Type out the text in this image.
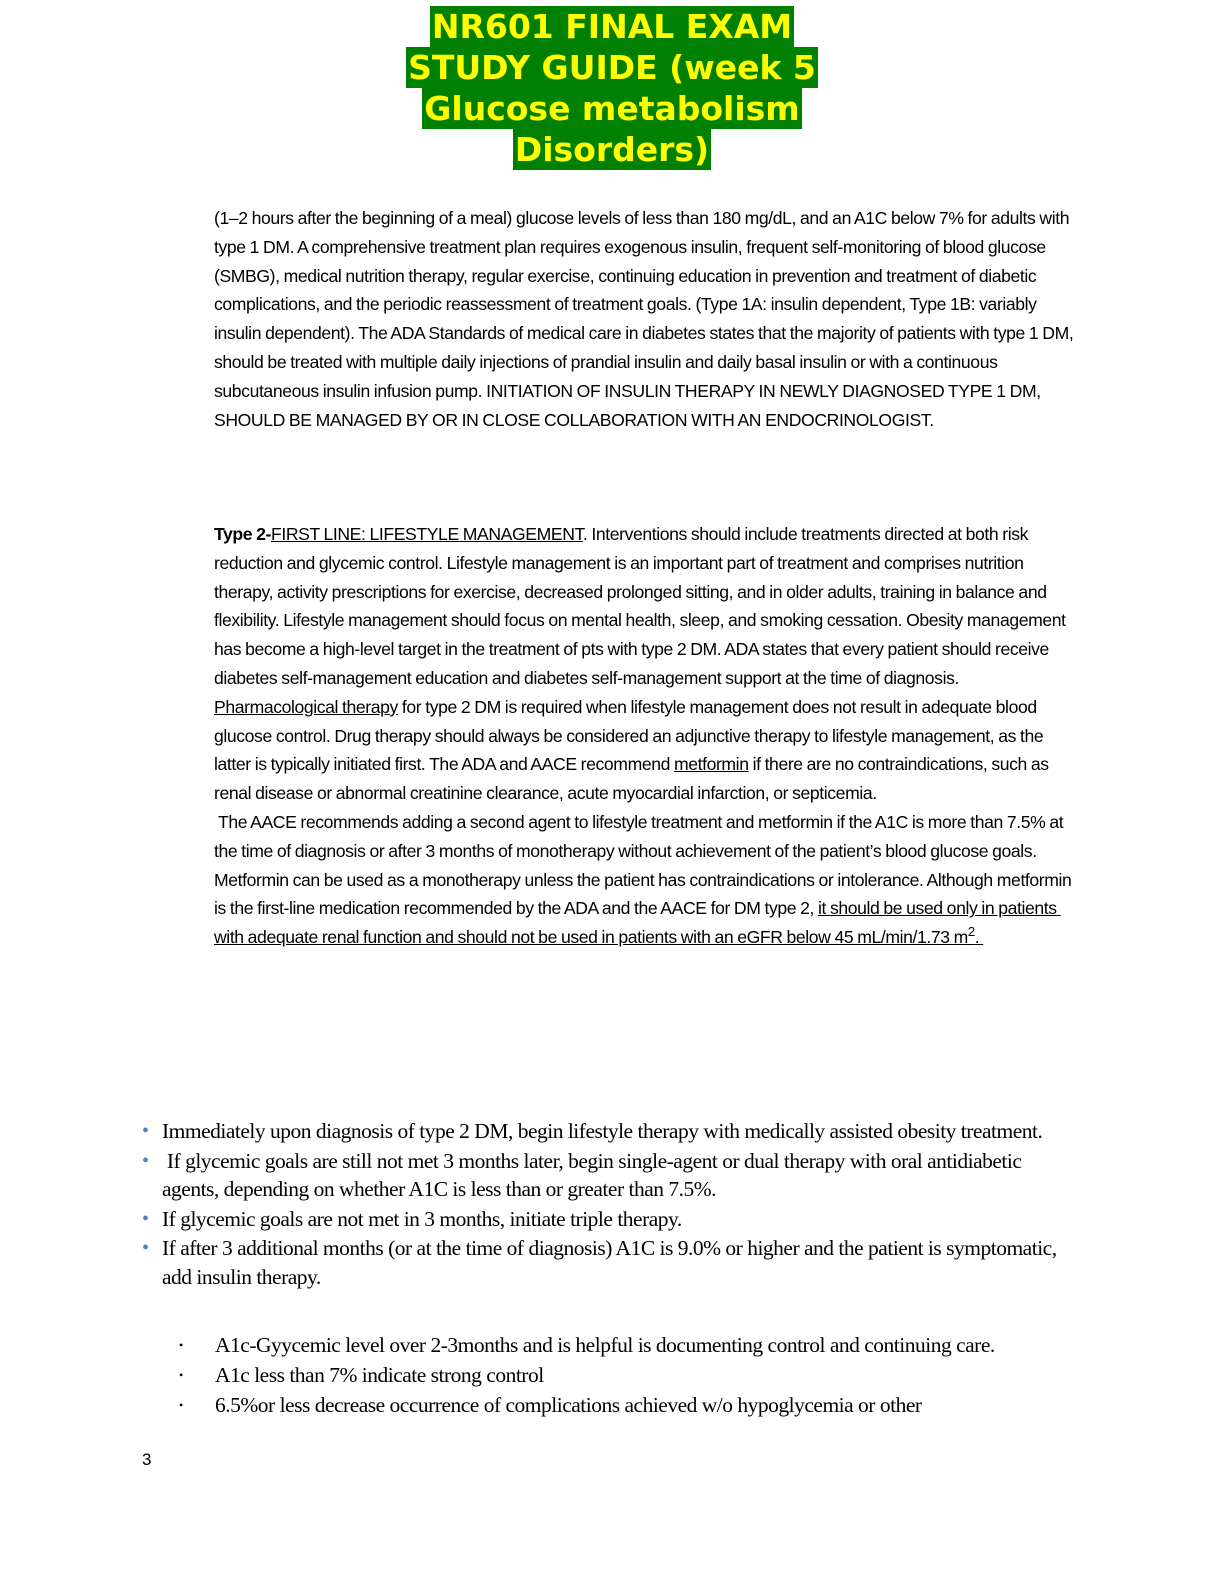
NR601 FINAL EXAM
STUDY GUIDE (week 5
Glucose metabolism
Disorders)
(1–2 hours after the beginning of a meal) glucose levels of less than 180 mg/dL, and an A1C below 7% for adults with type 1 DM. A comprehensive treatment plan requires exogenous insulin, frequent self-monitoring of blood glucose (SMBG), medical nutrition therapy, regular exercise, continuing education in prevention and treatment of diabetic complications, and the periodic reassessment of treatment goals. (Type 1A: insulin dependent, Type 1B: variably insulin dependent). The ADA Standards of medical care in diabetes states that the majority of patients with type 1 DM, should be treated with multiple daily injections of prandial insulin and daily basal insulin or with a continuous subcutaneous insulin infusion pump. INITIATION OF INSULIN THERAPY IN NEWLY DIAGNOSED TYPE 1 DM, SHOULD BE MANAGED BY OR IN CLOSE COLLABORATION WITH AN ENDOCRINOLOGIST.
Type 2-FIRST LINE: LIFESTYLE MANAGEMENT. Interventions should include treatments directed at both risk reduction and glycemic control. Lifestyle management is an important part of treatment and comprises nutrition therapy, activity prescriptions for exercise, decreased prolonged sitting, and in older adults, training in balance and flexibility. Lifestyle management should focus on mental health, sleep, and smoking cessation. Obesity management has become a high-level target in the treatment of pts with type 2 DM. ADA states that every patient should receive diabetes self-management education and diabetes self-management support at the time of diagnosis.
Pharmacological therapy for type 2 DM is required when lifestyle management does not result in adequate blood glucose control. Drug therapy should always be considered an adjunctive therapy to lifestyle management, as the latter is typically initiated first. The ADA and AACE recommend metformin if there are no contraindications, such as renal disease or abnormal creatinine clearance, acute myocardial infarction, or septicemia.
The AACE recommends adding a second agent to lifestyle treatment and metformin if the A1C is more than 7.5% at the time of diagnosis or after 3 months of monotherapy without achievement of the patient’s blood glucose goals. Metformin can be used as a monotherapy unless the patient has contraindications or intolerance. Although metformin is the first-line medication recommended by the ADA and the AACE for DM type 2, it should be used only in patients with adequate renal function and should not be used in patients with an eGFR below 45 mL/min/1.73 $m^2$.
• Immediately upon diagnosis of type 2 DM, begin lifestyle therapy with medically assisted obesity treatment.
• If glycemic goals are still not met 3 months later, begin single-agent or dual therapy with oral antidiabetic agents, depending on whether A1C is less than or greater than 7.5%.
• If glycemic goals are not met in 3 months, initiate triple therapy.
• If after 3 additional months (or at the time of diagnosis) A1C is 9.0% or higher and the patient is symptomatic, add insulin therapy.
• A1c-Gyycemic level over 2-3months and is helpful is documenting control and continuing care.
• A1c less than 7% indicate strong control
• 6.5%or less decrease occurrence of complications achieved w/o hypoglycemia or other
3
